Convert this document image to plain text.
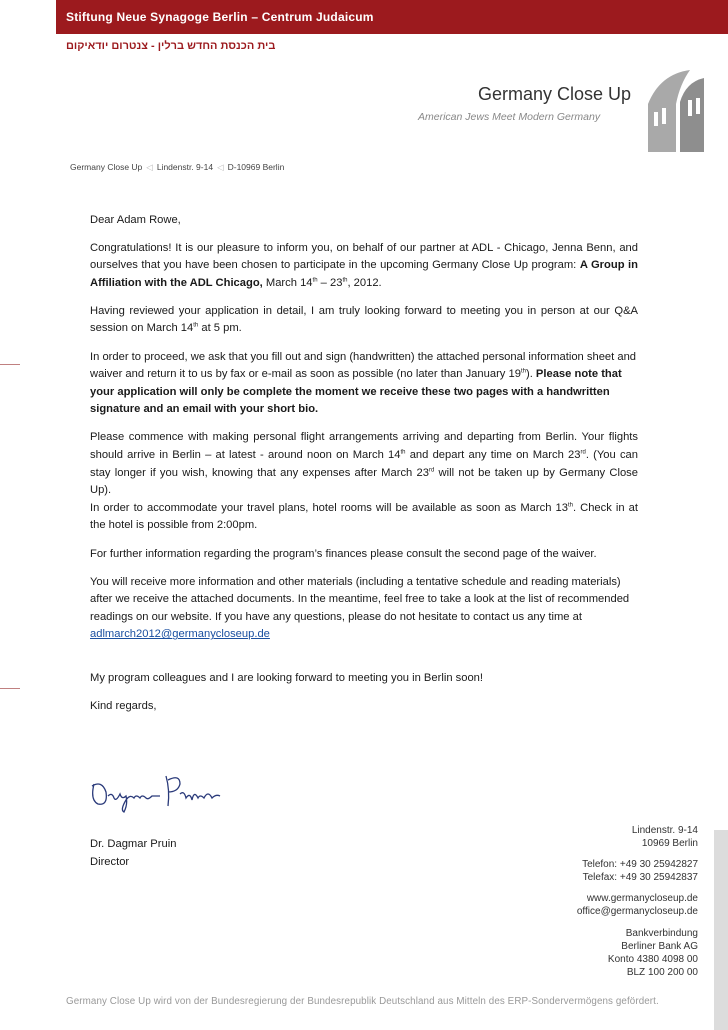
Stiftung Neue Synagoge Berlin – Centrum Judaicum
בית הכנסת החדש ברלין - צנטרום יודאיקום
Germany Close Up
American Jews Meet Modern Germany
Germany Close Up ◁ Lindenstr. 9-14 ◁ D-10969 Berlin

Dear Adam Rowe,

Congratulations! It is our pleasure to inform you, on behalf of our partner at ADL - Chicago, Jenna Benn, and ourselves that you have been chosen to participate in the upcoming Germany Close Up program: A Group in Affiliation with the ADL Chicago, March 14th – 23th, 2012.

Having reviewed your application in detail, I am truly looking forward to meeting you in person at our Q&A session on March 14th at 5 pm.

In order to proceed, we ask that you fill out and sign (handwritten) the attached personal information sheet and waiver and return it to us by fax or e-mail as soon as possible (no later than January 19th). Please note that your application will only be complete the moment we receive these two pages with a handwritten signature and an email with your short bio.

Please commence with making personal flight arrangements arriving and departing from Berlin. Your flights should arrive in Berlin – at latest - around noon on March 14th and depart any time on March 23rd. (You can stay longer if you wish, knowing that any expenses after March 23rd will not be taken up by Germany Close Up).
In order to accommodate your travel plans, hotel rooms will be available as soon as March 13th. Check in at the hotel is possible from 2:00pm.

For further information regarding the program’s finances please consult the second page of the waiver.

You will receive more information and other materials (including a tentative schedule and reading materials) after we receive the attached documents. In the meantime, feel free to take a look at the list of recommended readings on our website. If you have any questions, please do not hesitate to contact us any time at adlmarch2012@germanycloseup.de

My program colleagues and I are looking forward to meeting you in Berlin soon!

Kind regards,

Dr. Dagmar Pruin
Director
Lindenstr. 9-14
10969 Berlin
Telefon: +49 30 25942827
Telefax: +49 30 25942837
www.germanycloseup.de
office@germanycloseup.de
Bankverbindung
Berliner Bank AG
Konto 4380 4098 00
BLZ 100 200 00
Germany Close Up wird von der Bundesregierung der Bundesrepublik Deutschland aus Mitteln des ERP-Sondervermögens gefördert.
